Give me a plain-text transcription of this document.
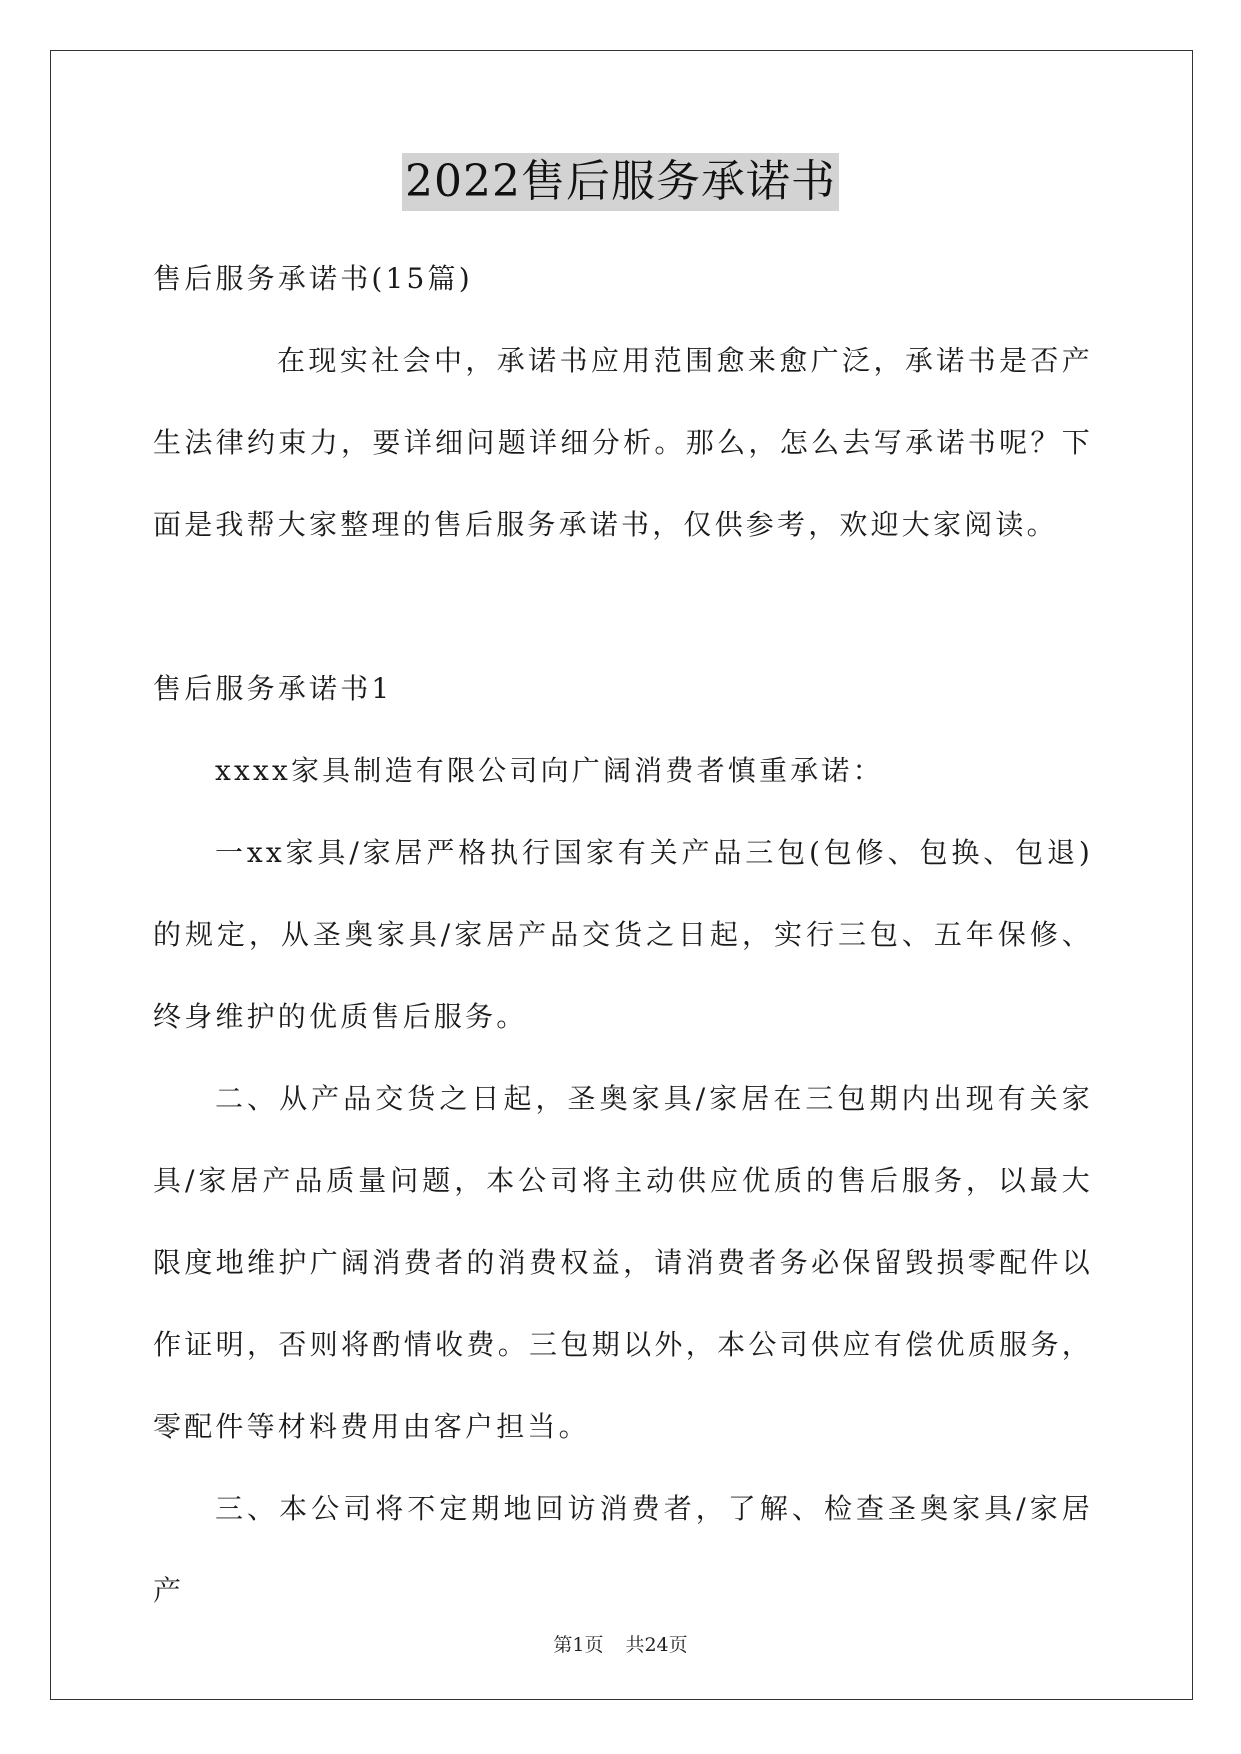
2022售后服务承诺书

售后服务承诺书(15篇)

在现实社会中，承诺书应用范围愈来愈广泛，承诺书是否产生法律约束力，要详细问题详细分析。那么，怎么去写承诺书呢？下面是我帮大家整理的售后服务承诺书，仅供参考，欢迎大家阅读。

售后服务承诺书1

xxxx家具制造有限公司向广阔消费者慎重承诺：

一xx家具/家居严格执行国家有关产品三包(包修、包换、包退)的规定，从圣奥家具/家居产品交货之日起，实行三包、五年保修、终身维护的优质售后服务。

二、从产品交货之日起，圣奥家具/家居在三包期内出现有关家具/家居产品质量问题，本公司将主动供应优质的售后服务，以最大限度地维护广阔消费者的消费权益，请消费者务必保留毁损零配件以作证明，否则将酌情收费。三包期以外，本公司供应有偿优质服务，零配件等材料费用由客户担当。

三、本公司将不定期地回访消费者，了解、检查圣奥家具/家居产

第1页 共24页
